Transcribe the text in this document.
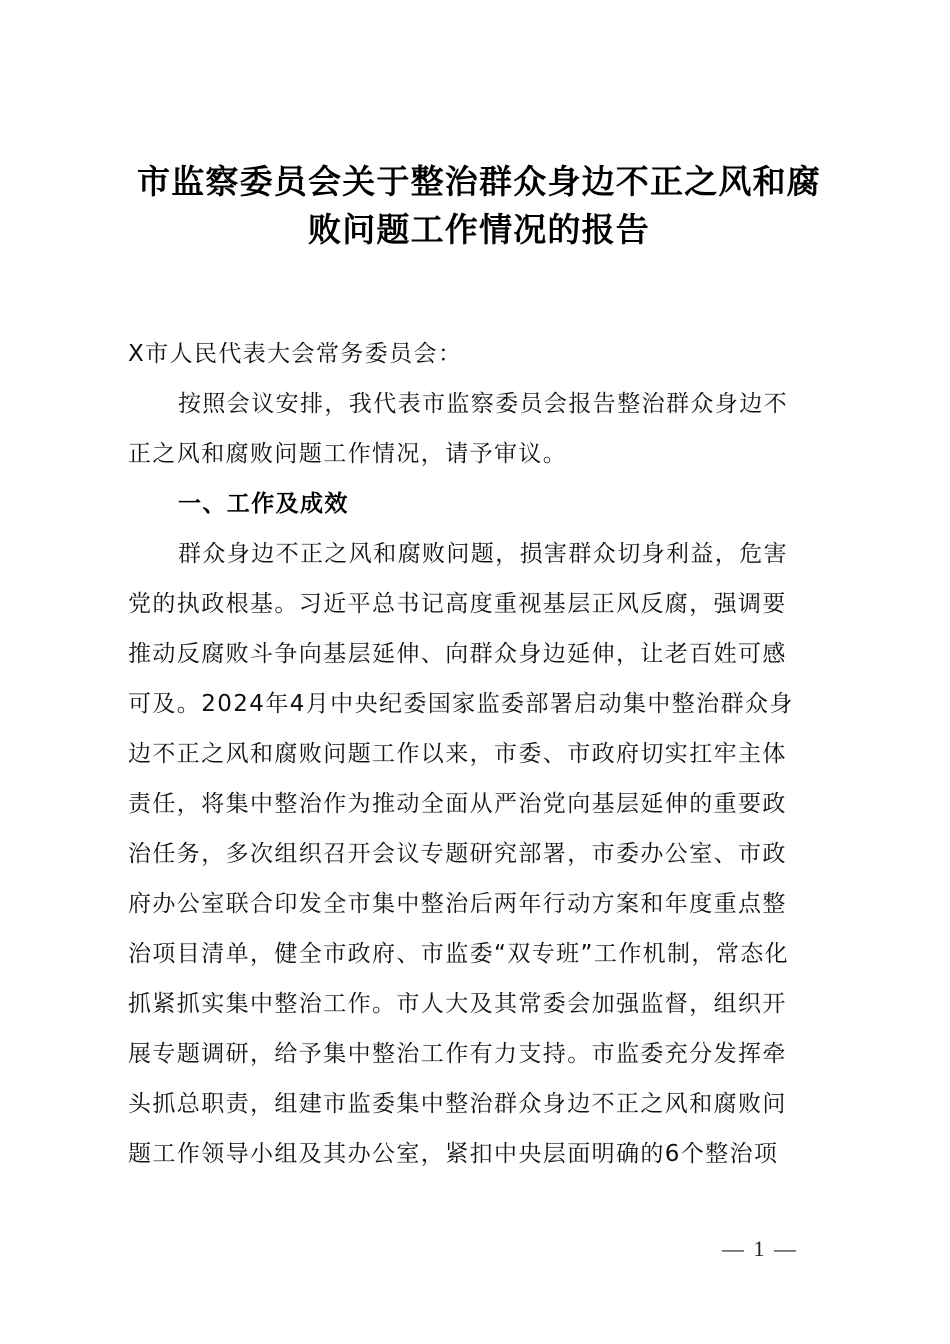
市监察委员会关于整治群众身边不正之风和腐
败问题工作情况的报告
X市人民代表大会常务委员会：
按照会议安排，我代表市监察委员会报告整治群众身边不
正之风和腐败问题工作情况，请予审议。
一、工作及成效
群众身边不正之风和腐败问题，损害群众切身利益，危害
党的执政根基。习近平总书记高度重视基层正风反腐，强调要
推动反腐败斗争向基层延伸、向群众身边延伸，让老百姓可感
可及。2024年4月中央纪委国家监委部署启动集中整治群众身
边不正之风和腐败问题工作以来，市委、市政府切实扛牢主体
责任，将集中整治作为推动全面从严治党向基层延伸的重要政
治任务，多次组织召开会议专题研究部署，市委办公室、市政
府办公室联合印发全市集中整治后两年行动方案和年度重点整
治项目清单，健全市政府、市监委“双专班”工作机制，常态化
抓紧抓实集中整治工作。市人大及其常委会加强监督，组织开
展专题调研，给予集中整治工作有力支持。市监委充分发挥牵
头抓总职责，组建市监委集中整治群众身边不正之风和腐败问
题工作领导小组及其办公室，紧扣中央层面明确的6个整治项
— 1 —
